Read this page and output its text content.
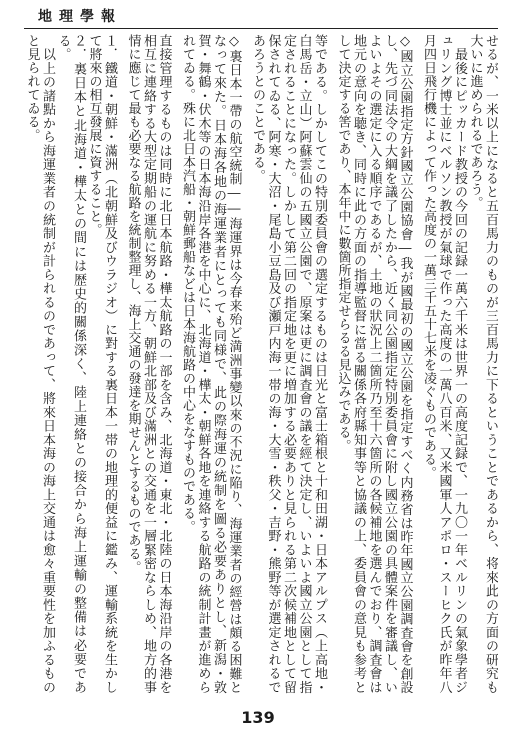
地理學報
せるが、一米以上になると五百馬力のものが三百馬力に下るということであるから、将來此の方面の研究も大いに進められるであろう。
　最後にピッカード教授の今回の記録一萬六千米は世界一の高度記録で、一九〇一年ベルリンの氣象學者ジュリング博士並にベルソン教授が氣球で作った高度の一萬八百米、又米國軍人アポロ・スーヒク氏が昨年八月四日飛行機によって作った高度の一萬三千五十七米を凌ぐものである。
◇國立公園指定方針國立公園協會―我が國最初の國立公園を指定すべく内務省は昨年國立公園調査會を創設し、先づ同法令の大綱を議了したから、近く同公園指定特別委員會に附し國立公園の具體案件を審議し、いよいよその選定に入る順序であるが、土地の狀況上二箇所乃至十六箇所の各候補地を選んでおり、調査會は地元の意向を聴き、同時に此の方面の指導監督に當る關係各府縣知事等と協議の上、委員會の意見も参考として決定する筈であり、本年中に數箇所指定せらるる見込みである。
等である。しかしてこの特別委員會の選定するものは日光と富士箱根と十和田湖・日本アルプス（上高地・白馬岳・立山）阿蘇雲仙の五國立公園で、原案は更に調査會の議を經て決定し、いよいよ國立公園として指定されることになった。しかして第二回の指定地を更に増加する必要ありと見られる第二次候補地として留保されてゐる、阿寒・大沼・尾島小豆島及び瀬戸内海一帯の海・大雪・秩父・吉野・熊野等が選定されるであろうとのことである。
◇裏日本一帶の航空統制――海運界は今春来殆ど満洲事變以來の不況に陥り、海運業者の經營は頗る困難となって來た。日本海各地の海運業者にとっても同様で、此の際海運の統制を圖る必要ありとし、新潟・敦賀・舞鶴・伏木等の日本海沿岸各港を中心に、北海道・樺太・朝鮮各地を連絡する航路の統制計畫が進められてゐる。殊に北日本汽船・朝鮮郵船などは日本海航路の中心をなすものである。
直接管理するものは同時に北日本航路・樺太航路の一部を含み、北海道・東北・北陸の日本海沿岸の各港を相互に連絡する大型定期船の運航に努める一方、朝鮮北部及び滿洲との交通を一層緊密ならしめ、地方的事情に應じて最も必要なる航路を統制整理し、海上交通の發達を期せんとするものである。
１．鐵道・朝鮮・滿洲（北朝鮮及びウラジオ）に對する裏日本一帯の地理的便益に鑑み、運輸系統を生かして將來の相互發展に資すること。
２．裏日本と北海道・樺太との間には歴史的關係深く、陸上連絡との接合から海上運輸の整備は必要である。
　以上の諸點から海運業者の統制が計られるのであって、將來日本海の海上交通は愈々重要性を加ふるものと見られてゐる。
139
